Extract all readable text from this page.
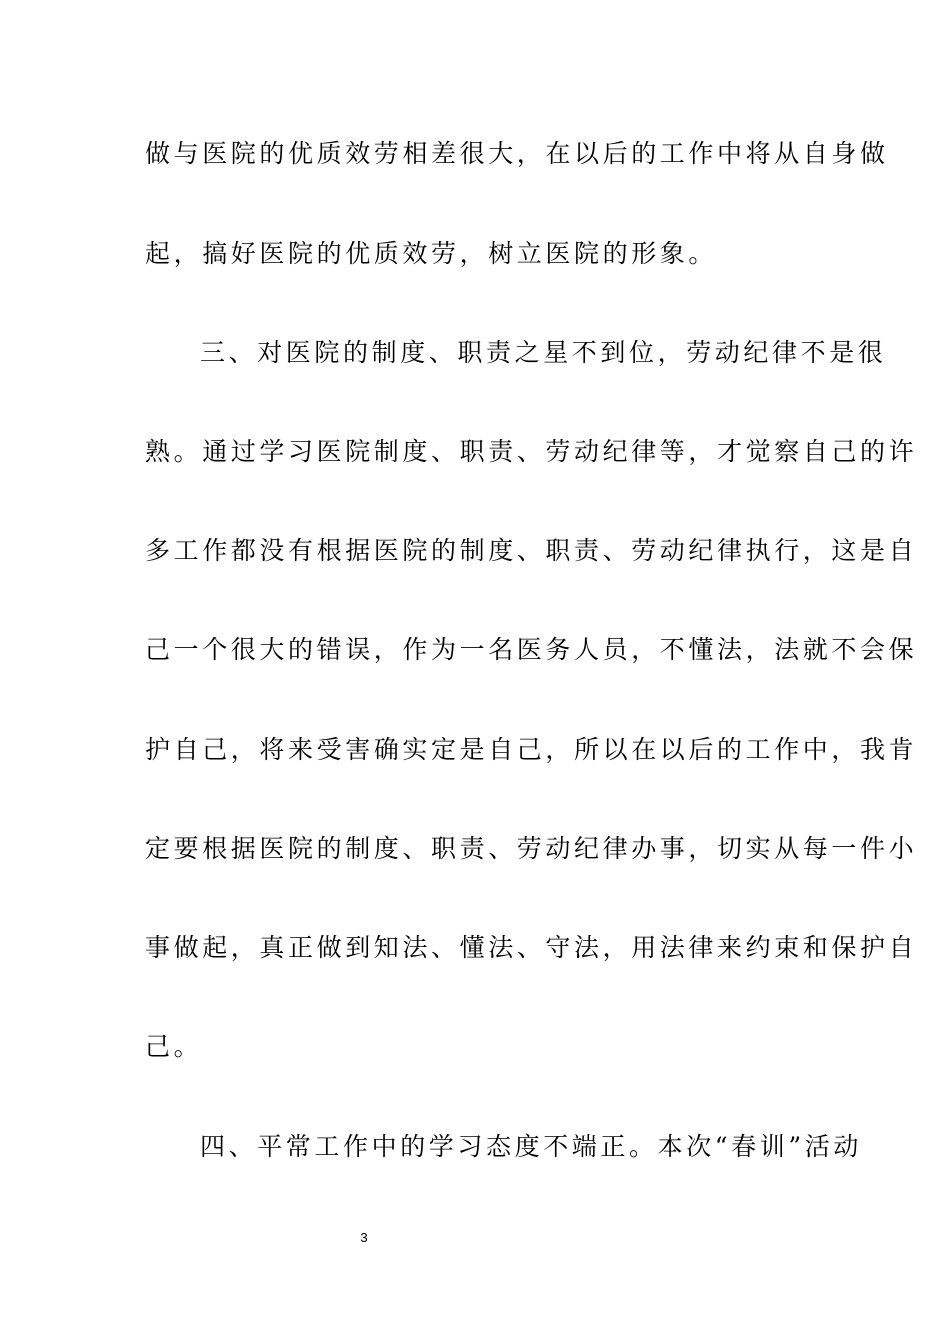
做与医院的优质效劳相差很大，在以后的工作中将从自身做
起，搞好医院的优质效劳，树立医院的形象。
三、对医院的制度、职责之星不到位，劳动纪律不是很
熟。通过学习医院制度、职责、劳动纪律等，才觉察自己的许
多工作都没有根据医院的制度、职责、劳动纪律执行，这是自
己一个很大的错误，作为一名医务人员，不懂法，法就不会保
护自己，将来受害确实定是自己，所以在以后的工作中，我肯
定要根据医院的制度、职责、劳动纪律办事，切实从每一件小
事做起，真正做到知法、懂法、守法，用法律来约束和保护自
己。
四、平常工作中的学习态度不端正。本次“春训”活动
3
